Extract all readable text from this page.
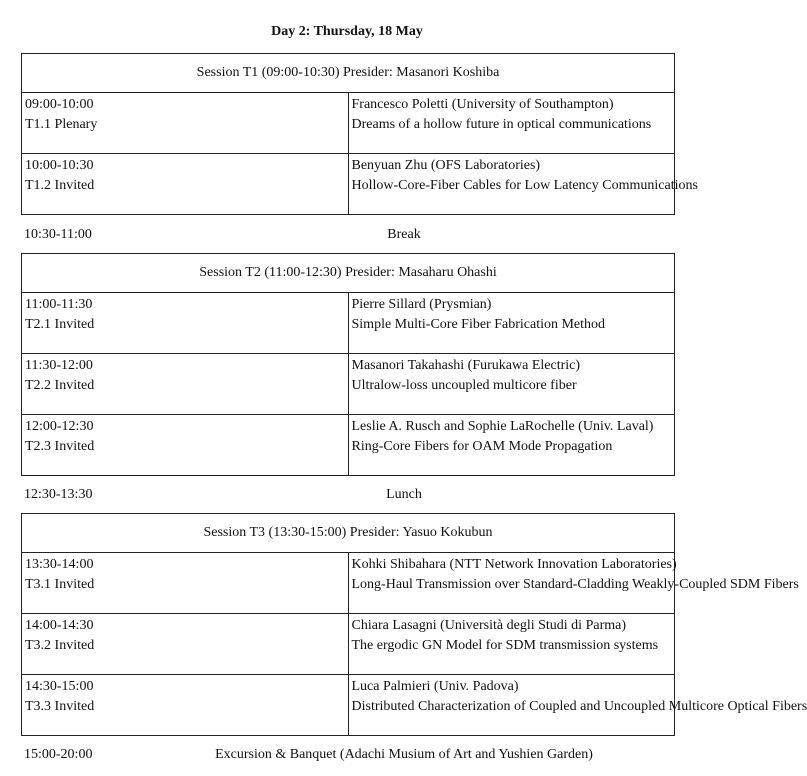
Day 2: Thursday, 18 May
Session T1 (09:00-10:30) Presider: Masanori Koshiba	

09:00-10:00
T1.1 Plenary	Francesco Poletti (University of Southampton)
Dreams of a hollow future in optical communications

10:00-10:30
T1.2 Invited	Benyuan Zhu (OFS Laboratories)
Hollow-Core-Fiber Cables for Low Latency Communications
10:30-11:00	Break
Session T2 (11:00-12:30) Presider: Masaharu Ohashi	

11:00-11:30
T2.1 Invited	Pierre Sillard (Prysmian)
Simple Multi-Core Fiber Fabrication Method

11:30-12:00
T2.2 Invited	Masanori Takahashi (Furukawa Electric)
Ultralow-loss uncoupled multicore fiber

12:00-12:30
T2.3 Invited	Leslie A. Rusch and Sophie LaRochelle (Univ. Laval)
Ring-Core Fibers for OAM Mode Propagation
12:30-13:30	Lunch
Session T3 (13:30-15:00) Presider: Yasuo Kokubun	

13:30-14:00
T3.1 Invited	Kohki Shibahara (NTT Network Innovation Laboratories)
Long-Haul Transmission over Standard-Cladding Weakly-Coupled SDM Fibers

14:00-14:30
T3.2 Invited	Chiara Lasagni (Università degli Studi di Parma)
The ergodic GN Model for SDM transmission systems

14:30-15:00
T3.3 Invited	Luca Palmieri (Univ. Padova)
Distributed Characterization of Coupled and Uncoupled Multicore Optical Fibers
15:00-20:00	Excursion & Banquet (Adachi Musium of Art and Yushien Garden)
